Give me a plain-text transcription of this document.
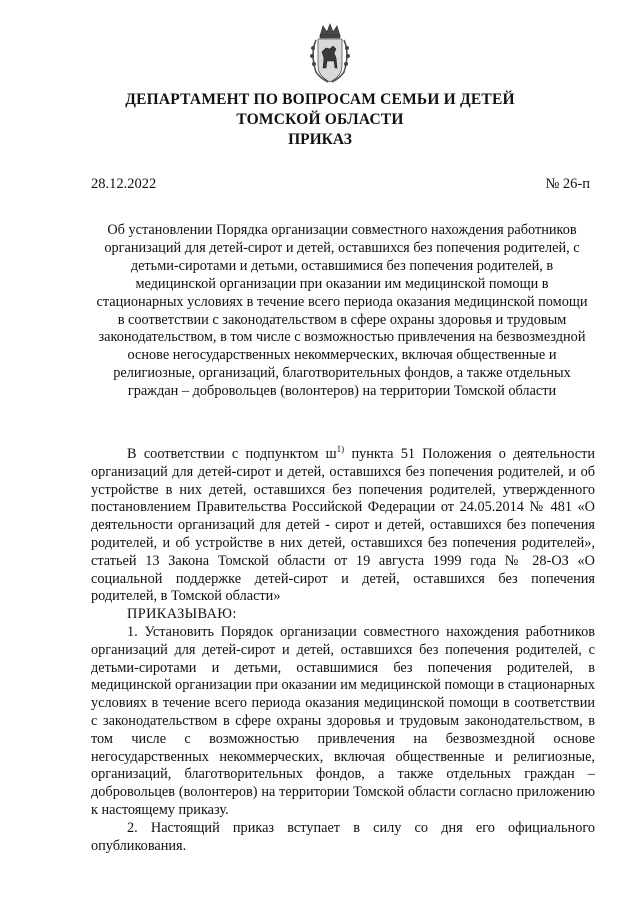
ДЕПАРТАМЕНТ ПО ВОПРОСАМ СЕМЬИ И ДЕТЕЙ
ТОМСКОЙ ОБЛАСТИ
ПРИКАЗ
28.12.2022	№ 26-п
Об установлении Порядка организации совместного нахождения работников организаций для детей-сирот и детей, оставшихся без попечения родителей, с детьми-сиротами и детьми, оставшимися без попечения родителей, в медицинской организации при оказании им медицинской помощи в стационарных условиях в течение всего периода оказания медицинской помощи в соответствии с законодательством в сфере охраны здоровья и трудовым законодательством, в том числе с возможностью привлечения на безвозмездной основе негосударственных некоммерческих, включая общественные и религиозные, организаций, благотворительных фондов, а также отдельных граждан – добровольцев (волонтеров) на территории Томской области

В соответствии с подпунктом $ш^{1)}$ пункта 51 Положения о деятельности организаций для детей-сирот и детей, оставшихся без попечения родителей, и об устройстве в них детей, оставшихся без попечения родителей, утвержденного постановлением Правительства Российской Федерации от 24.05.2014 № 481 «О деятельности организаций для детей - сирот и детей, оставшихся без попечения родителей, и об устройстве в них детей, оставшихся без попечения родителей», статьей 13 Закона Томской области от 19 августа 1999 года № 28-ОЗ «О социальной поддержке детей-сирот и детей, оставшихся без попечения родителей, в Томской области»

ПРИКАЗЫВАЮ:

1. Установить Порядок организации совместного нахождения работников организаций для детей-сирот и детей, оставшихся без попечения родителей, с детьми-сиротами и детьми, оставшимися без попечения родителей, в медицинской организации при оказании им медицинской помощи в стационарных условиях в течение всего периода оказания медицинской помощи в соответствии с законодательством в сфере охраны здоровья и трудовым законодательством, в том числе с возможностью привлечения на безвозмездной основе негосударственных некоммерческих, включая общественные и религиозные, организаций, благотворительных фондов, а также отдельных граждан – добровольцев (волонтеров) на территории Томской области согласно приложению к настоящему приказу.

2. Настоящий приказ вступает в силу со дня его официального опубликования.
